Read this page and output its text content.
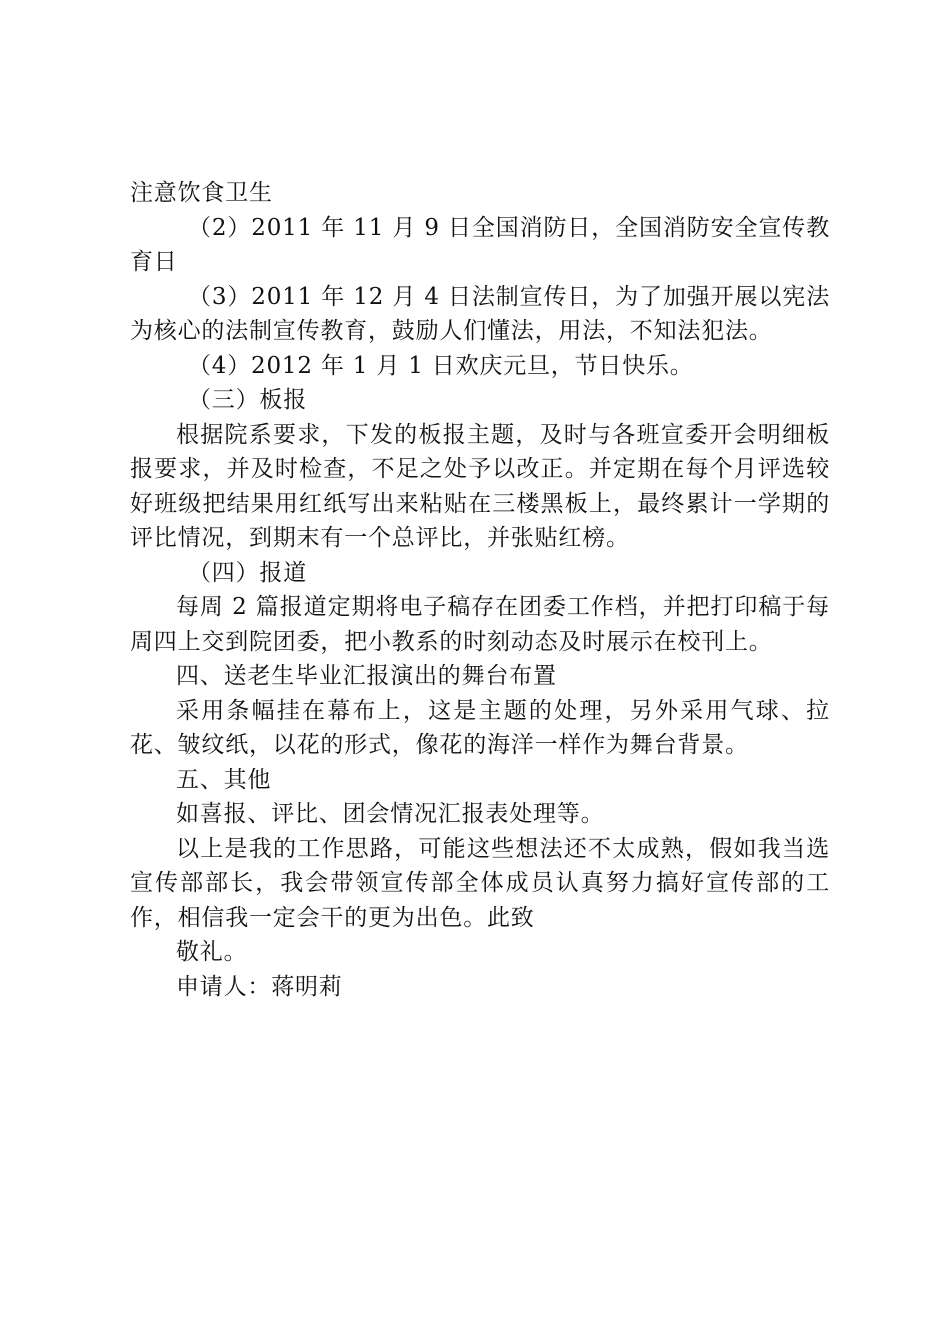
注意饮食卫生

（2）2011 年 11 月 9 日全国消防日，全国消防安全宣传教育日

（3）2011 年 12 月 4 日法制宣传日，为了加强开展以宪法为核心的法制宣传教育，鼓励人们懂法，用法，不知法犯法。

（4）2012 年 1 月 1 日欢庆元旦，节日快乐。

（三）板报

根据院系要求，下发的板报主题，及时与各班宣委开会明细板报要求，并及时检查，不足之处予以改正。并定期在每个月评选较好班级把结果用红纸写出来粘贴在三楼黑板上，最终累计一学期的评比情况，到期末有一个总评比，并张贴红榜。

（四）报道

每周 2 篇报道定期将电子稿存在团委工作档，并把打印稿于每周四上交到院团委，把小教系的时刻动态及时展示在校刊上。

四、送老生毕业汇报演出的舞台布置

采用条幅挂在幕布上，这是主题的处理，另外采用气球、拉花、皱纹纸，以花的形式，像花的海洋一样作为舞台背景。

五、其他

如喜报、评比、团会情况汇报表处理等。

以上是我的工作思路，可能这些想法还不太成熟，假如我当选宣传部部长，我会带领宣传部全体成员认真努力搞好宣传部的工作，相信我一定会干的更为出色。此致

敬礼。

申请人：蒋明莉
